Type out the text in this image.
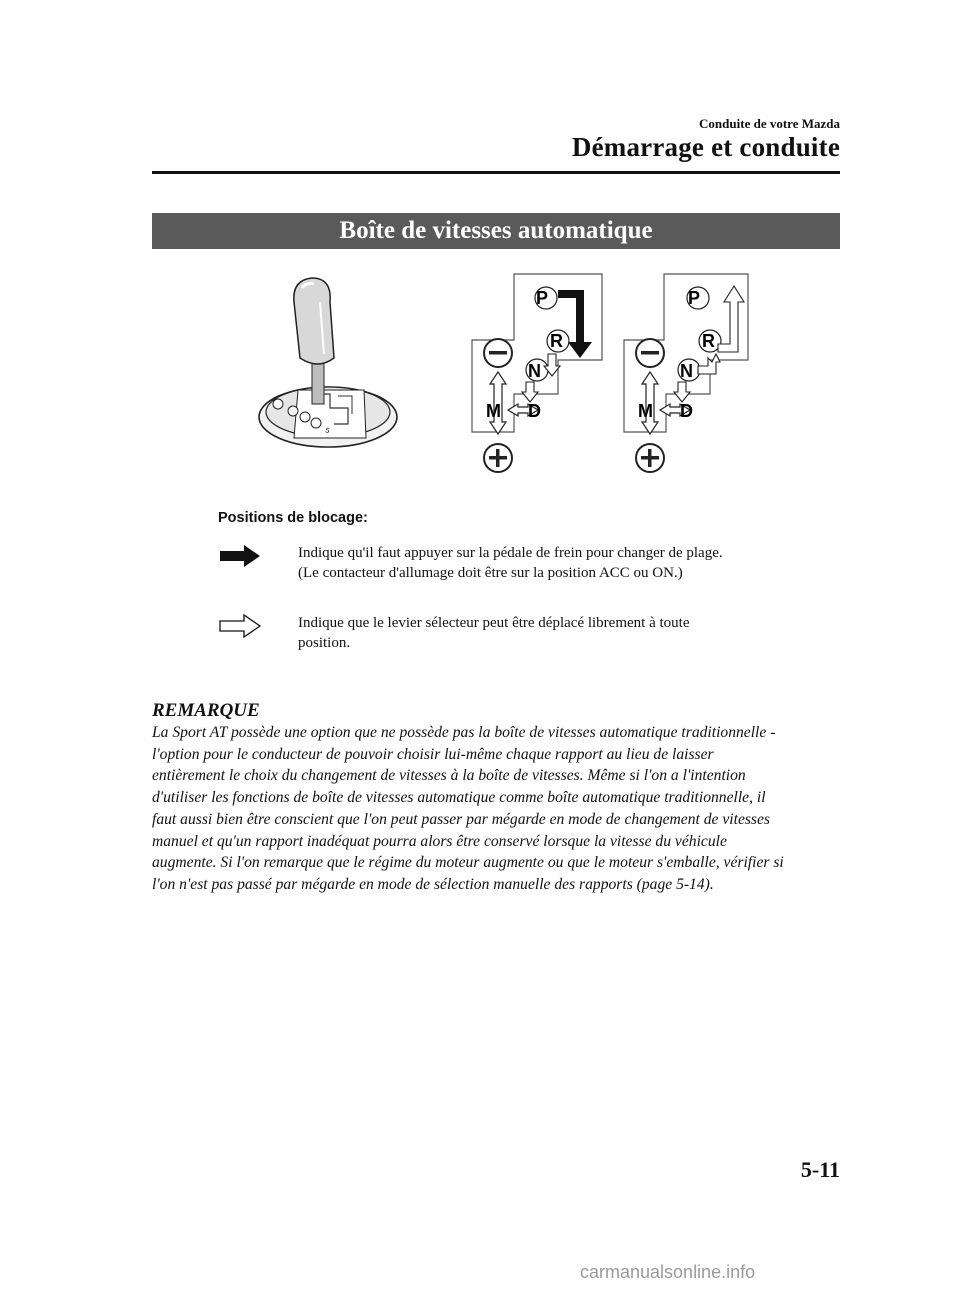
Conduite de votre Mazda
Démarrage et conduite
Boîte de vitesses automatique
5
M D
N
R
P
M D
N
R
P
Positions de blocage:
Indique qu'il faut appuyer sur la pédale de frein pour changer de plage.
(Le contacteur d'allumage doit être sur la position ACC ou ON.)
Indique que le levier sélecteur peut être déplacé librement à toute
position.
REMARQUE
La Sport AT possède une option que ne possède pas la boîte de vitesses automatique traditionnelle -
l'option pour le conducteur de pouvoir choisir lui-même chaque rapport au lieu de laisser
entièrement le choix du changement de vitesses à la boîte de vitesses. Même si l'on a l'intention
d'utiliser les fonctions de boîte de vitesses automatique comme boîte automatique traditionnelle, il
faut aussi bien être conscient que l'on peut passer par mégarde en mode de changement de vitesses
manuel et qu'un rapport inadéquat pourra alors être conservé lorsque la vitesse du véhicule
augmente. Si l'on remarque que le régime du moteur augmente ou que le moteur s'emballe, vérifier si
l'on n'est pas passé par mégarde en mode de sélection manuelle des rapports (page 5-14).
5-11
carmanualsonline.info
